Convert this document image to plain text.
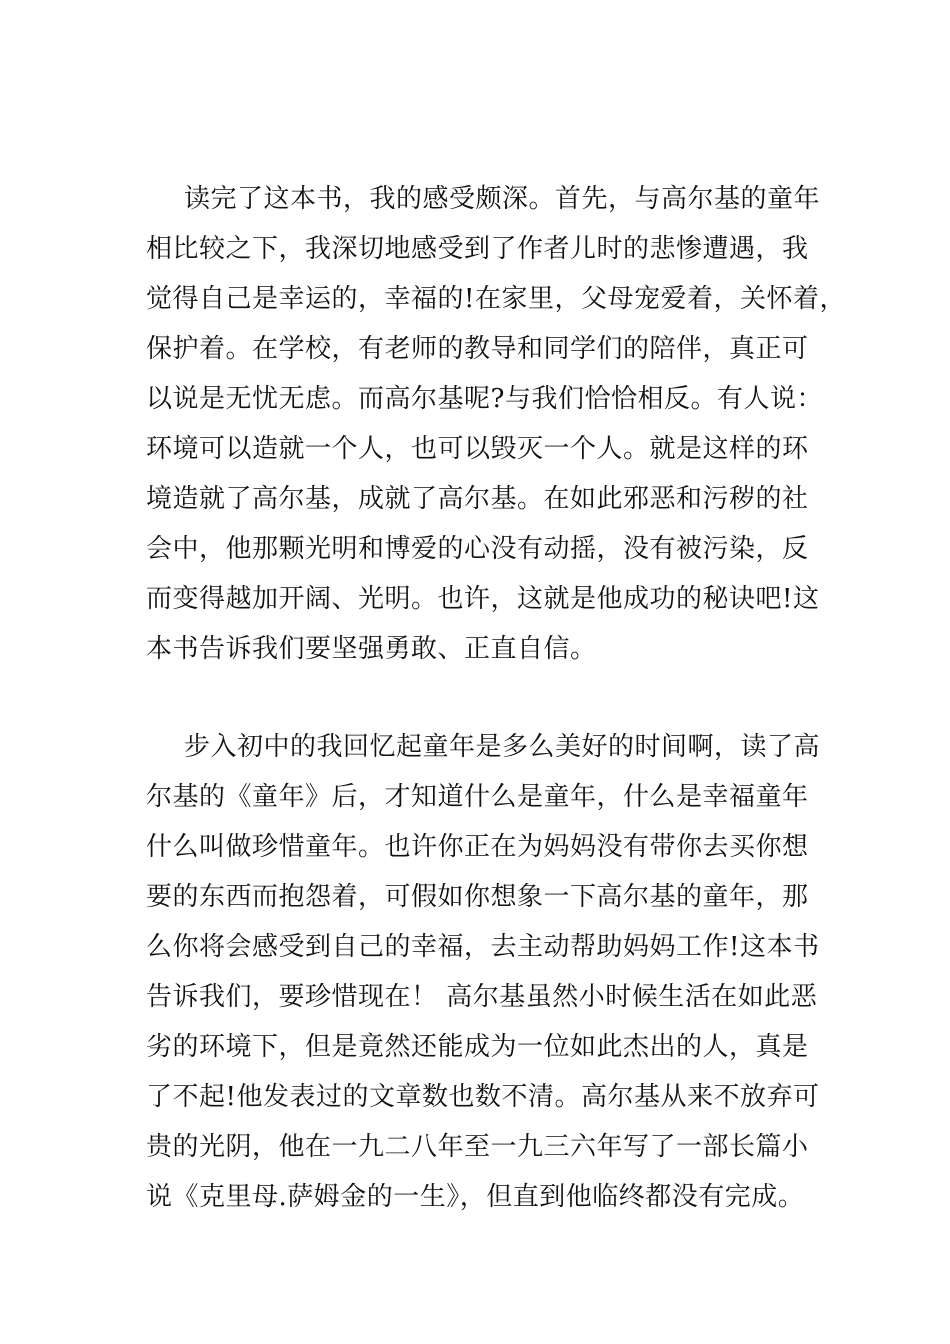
读完了这本书，我的感受颇深。首先，与高尔基的童年
相比较之下，我深切地感受到了作者儿时的悲惨遭遇，我
觉得自己是幸运的，幸福的!在家里，父母宠爱着，关怀着，
保护着。在学校，有老师的教导和同学们的陪伴，真正可
以说是无忧无虑。而高尔基呢?与我们恰恰相反。有人说：
环境可以造就一个人，也可以毁灭一个人。就是这样的环
境造就了高尔基，成就了高尔基。在如此邪恶和污秽的社
会中，他那颗光明和博爱的心没有动摇，没有被污染，反
而变得越加开阔、光明。也许，这就是他成功的秘诀吧!这
本书告诉我们要坚强勇敢、正直自信。
步入初中的我回忆起童年是多么美好的时间啊，读了高
尔基的《童年》后，才知道什么是童年，什么是幸福童年
什么叫做珍惜童年。也许你正在为妈妈没有带你去买你想
要的东西而抱怨着，可假如你想象一下高尔基的童年，那
么你将会感受到自己的幸福，去主动帮助妈妈工作!这本书
告诉我们，要珍惜现在！ 高尔基虽然小时候生活在如此恶
劣的环境下，但是竟然还能成为一位如此杰出的人，真是
了不起!他发表过的文章数也数不清。高尔基从来不放弃可
贵的光阴，他在一九二八年至一九三六年写了一部长篇小
说《克里母.萨姆金的一生》，但直到他临终都没有完成。
